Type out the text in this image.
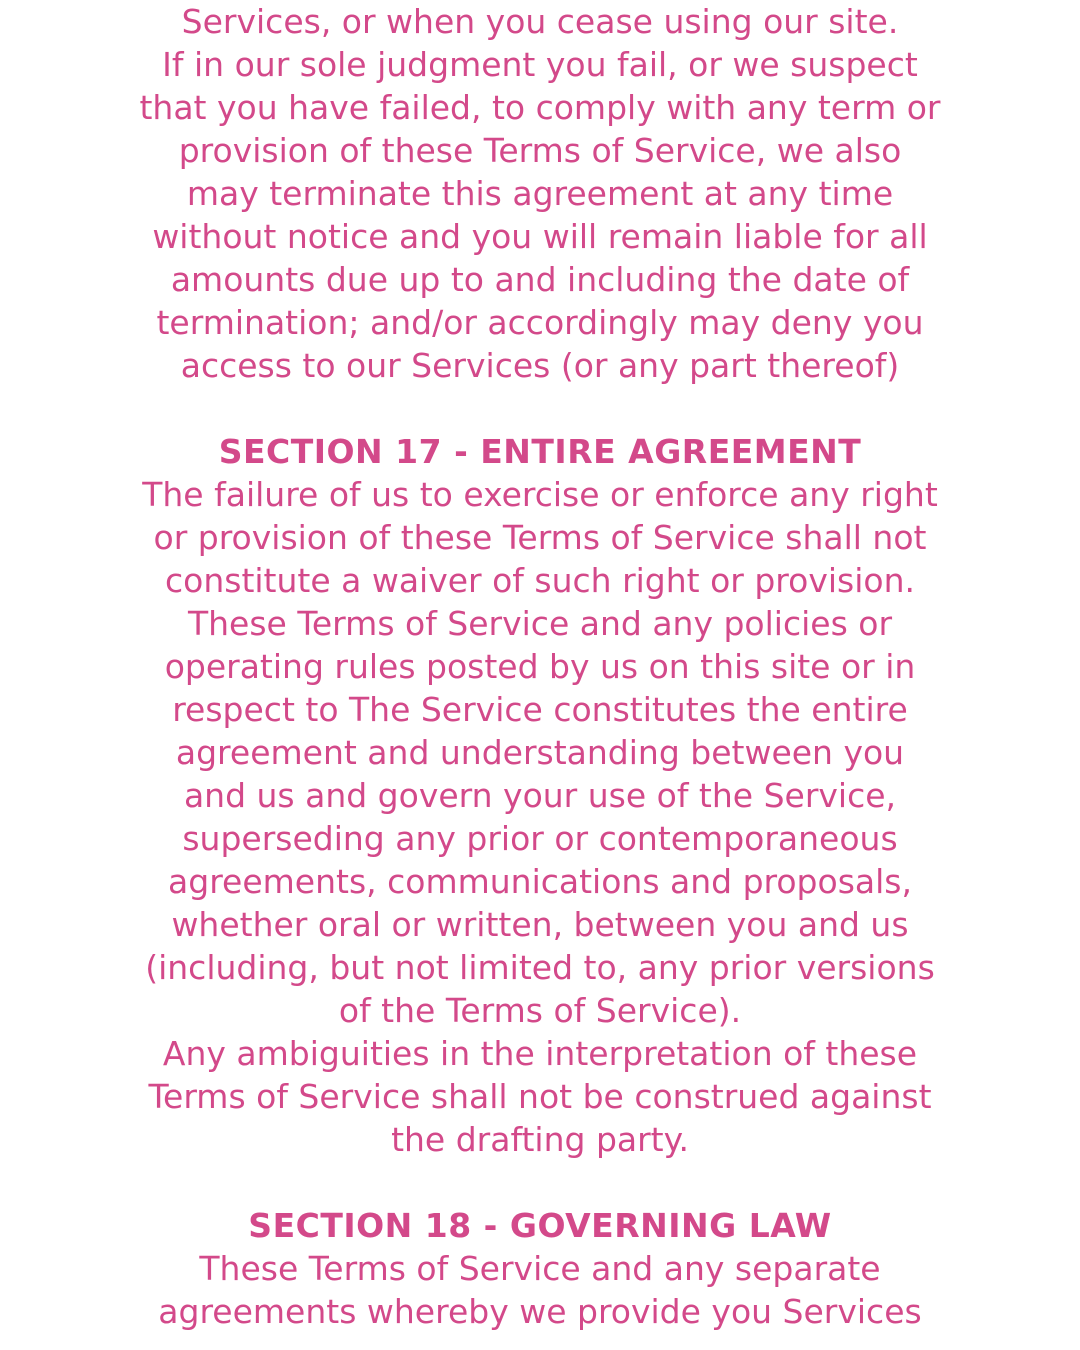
Services, or when you cease using our site.
If in our sole judgment you fail, or we suspect
that you have failed, to comply with any term or
provision of these Terms of Service, we also
may terminate this agreement at any time
without notice and you will remain liable for all
amounts due up to and including the date of
termination; and/or accordingly may deny you
access to our Services (or any part thereof)
SECTION 17 - ENTIRE AGREEMENT
The failure of us to exercise or enforce any right
or provision of these Terms of Service shall not
constitute a waiver of such right or provision.
These Terms of Service and any policies or
operating rules posted by us on this site or in
respect to The Service constitutes the entire
agreement and understanding between you
and us and govern your use of the Service,
superseding any prior or contemporaneous
agreements, communications and proposals,
whether oral or written, between you and us
(including, but not limited to, any prior versions
of the Terms of Service).
Any ambiguities in the interpretation of these
Terms of Service shall not be construed against
the drafting party.
SECTION 18 - GOVERNING LAW
These Terms of Service and any separate
agreements whereby we provide you Services
